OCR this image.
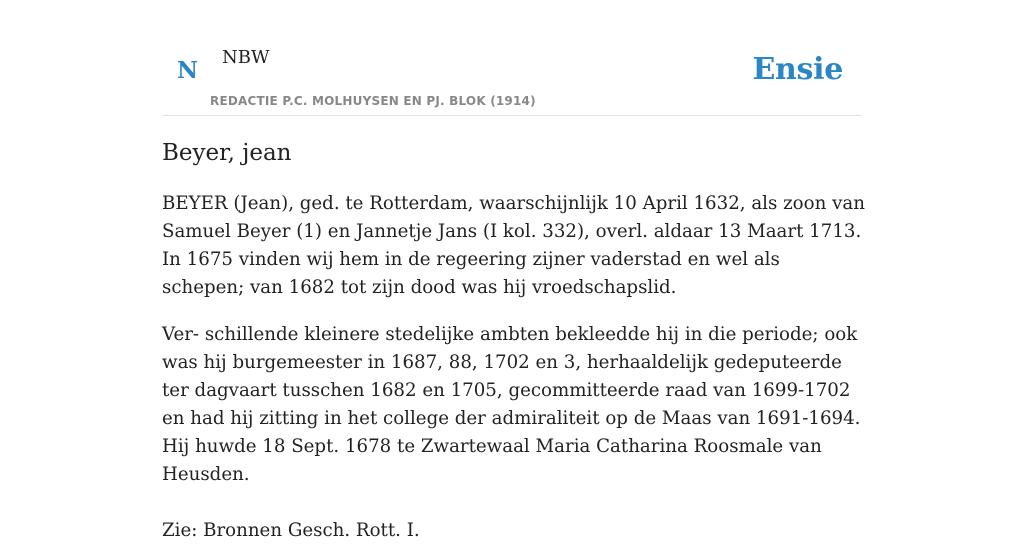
N NBW
REDACTIE P.C. MOLHUYSEN EN PJ. BLOK (1914)
Ensie
Beyer, jean

BEYER (Jean), ged. te Rotterdam, waarschijnlijk 10 April 1632, als zoon van Samuel Beyer (1) en Jannetje Jans (I kol. 332), overl. aldaar 13 Maart 1713. In 1675 vinden wij hem in de regeering zijner vaderstad en wel als schepen; van 1682 tot zijn dood was hij vroedschapslid.

Ver- schillende kleinere stedelijke ambten bekleedde hij in die periode; ook was hij burgemeester in 1687, 88, 1702 en 3, herhaaldelijk gedeputeerde ter dagvaart tusschen 1682 en 1705, gecommitteerde raad van 1699-1702 en had hij zitting in het college der admiraliteit op de Maas van 1691-1694. Hij huwde 18 Sept. 1678 te Zwartewaal Maria Catharina Roosmale van Heusden.

Zie: Bronnen Gesch. Rott. I.
